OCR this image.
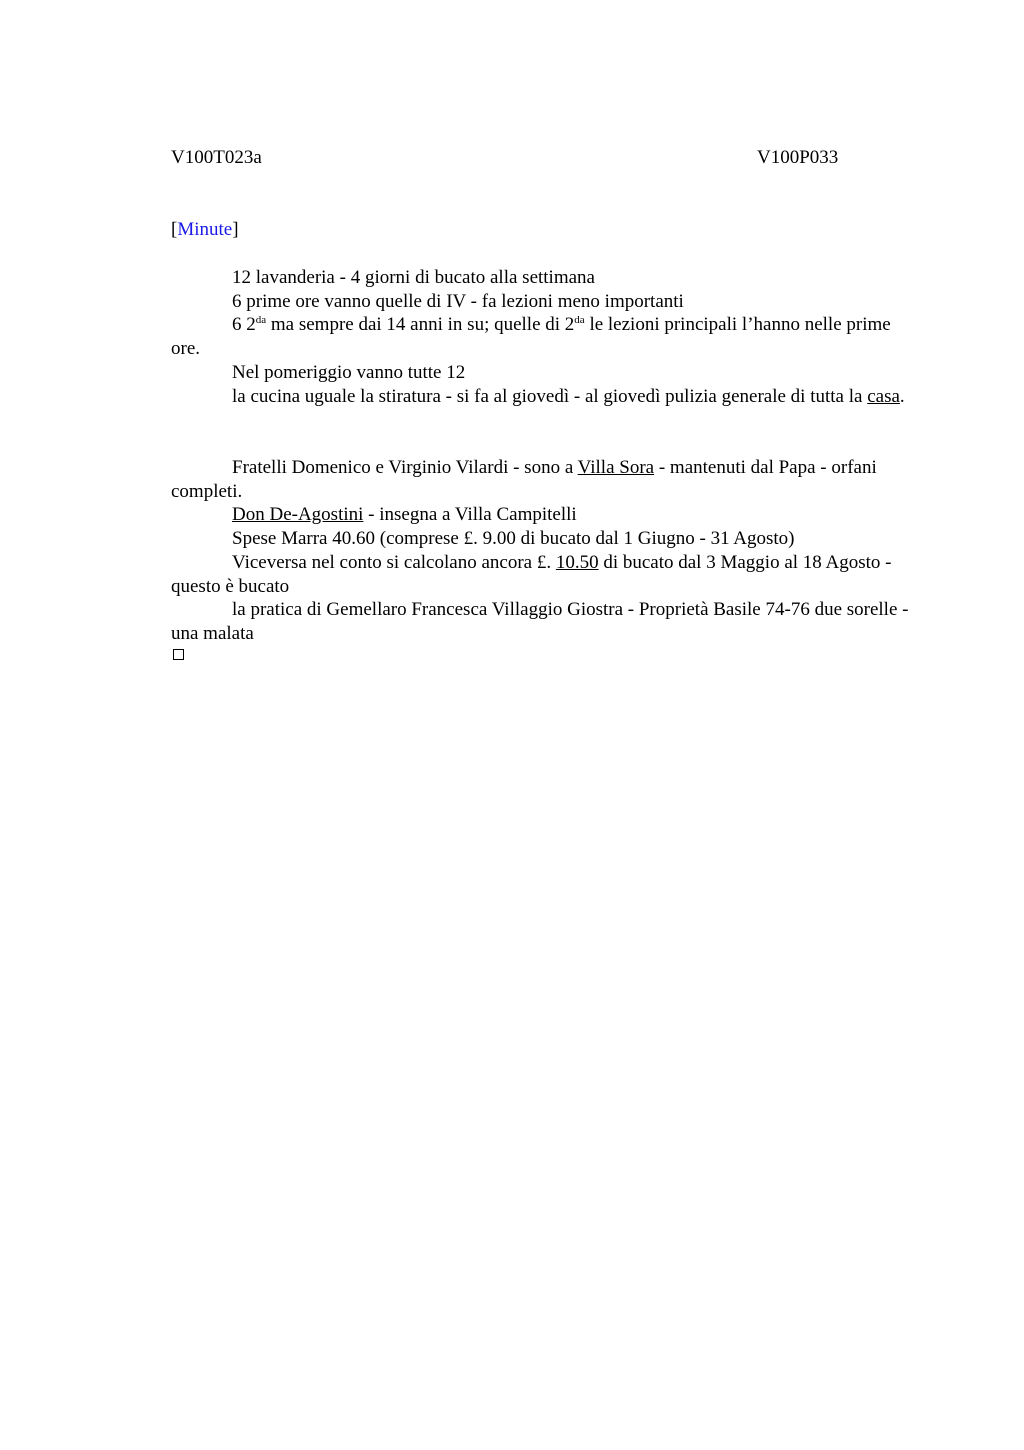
V100T023a	V100P033
[Minute]

12 lavanderia - 4 giorni di bucato alla settimana

6 prime ore vanno quelle di IV - fa lezioni meno importanti

6 $2^{da}$ ma sempre dai 14 anni in su; quelle di $2^{da}$ le lezioni principali l’hanno nelle prime ore.

Nel pomeriggio vanno tutte 12

la cucina uguale la stiratura - si fa al giovedì - al giovedì pulizia generale di tutta la casa.

Fratelli Domenico e Virginio Vilardi - sono a Villa Sora - mantenuti dal Papa - orfani completi.

Don De-Agostini - insegna a Villa Campitelli

Spese Marra 40.60 (comprese £. 9.00 di bucato dal 1 Giugno - 31 Agosto)

Viceversa nel conto si calcolano ancora £. 10.50 di bucato dal 3 Maggio al 18 Agosto - questo è bucato

la pratica di Gemellaro Francesca Villaggio Giostra - Proprietà Basile 74-76 due sorelle - una malata
